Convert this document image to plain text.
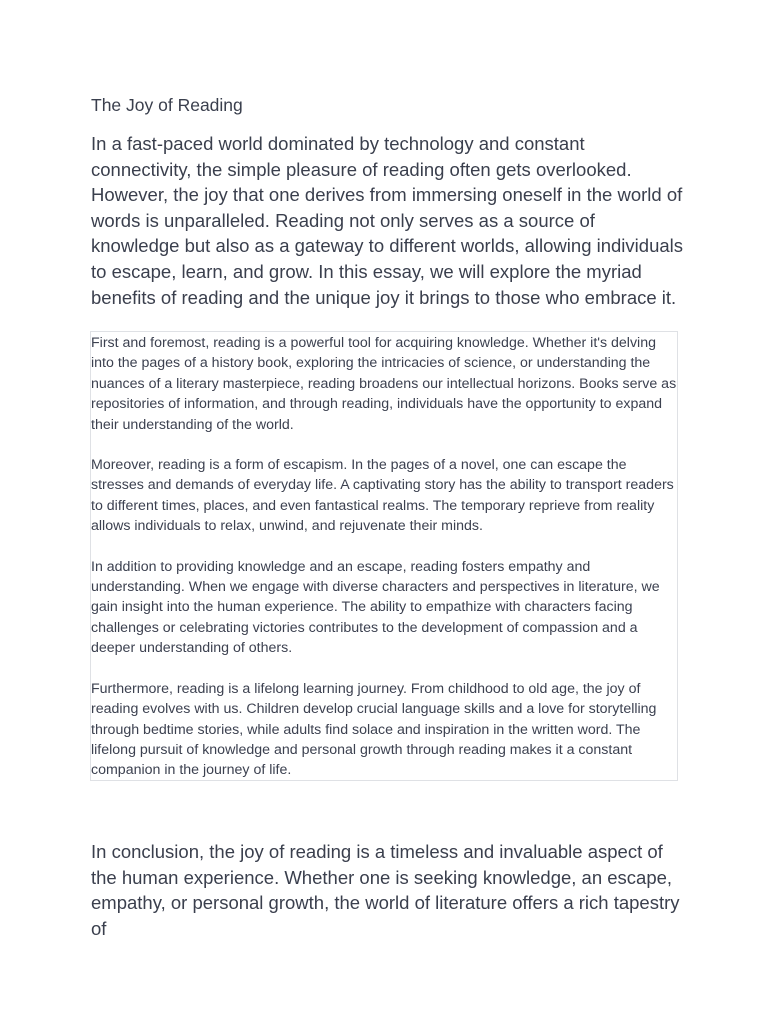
The Joy of Reading

In a fast-paced world dominated by technology and constant connectivity, the simple pleasure of reading often gets overlooked. However, the joy that one derives from immersing oneself in the world of words is unparalleled. Reading not only serves as a source of knowledge but also as a gateway to different worlds, allowing individuals to escape, learn, and grow. In this essay, we will explore the myriad benefits of reading and the unique joy it brings to those who embrace it.

First and foremost, reading is a powerful tool for acquiring knowledge. Whether it's delving into the pages of a history book, exploring the intricacies of science, or understanding the nuances of a literary masterpiece, reading broadens our intellectual horizons. Books serve as repositories of information, and through reading, individuals have the opportunity to expand their understanding of the world.

Moreover, reading is a form of escapism. In the pages of a novel, one can escape the stresses and demands of everyday life. A captivating story has the ability to transport readers to different times, places, and even fantastical realms. The temporary reprieve from reality allows individuals to relax, unwind, and rejuvenate their minds.

In addition to providing knowledge and an escape, reading fosters empathy and understanding. When we engage with diverse characters and perspectives in literature, we gain insight into the human experience. The ability to empathize with characters facing challenges or celebrating victories contributes to the development of compassion and a deeper understanding of others.

Furthermore, reading is a lifelong learning journey. From childhood to old age, the joy of reading evolves with us. Children develop crucial language skills and a love for storytelling through bedtime stories, while adults find solace and inspiration in the written word. The lifelong pursuit of knowledge and personal growth through reading makes it a constant companion in the journey of life.

In conclusion, the joy of reading is a timeless and invaluable aspect of the human experience. Whether one is seeking knowledge, an escape, empathy, or personal growth, the world of literature offers a rich tapestry of
